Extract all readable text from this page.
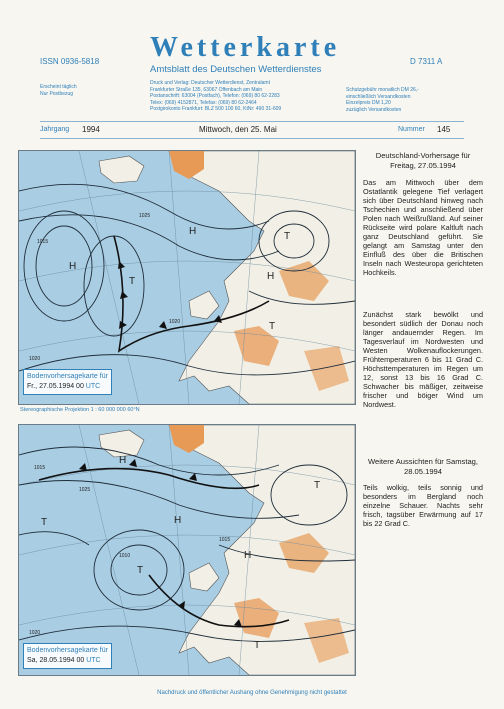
ISSN 0936-5818 Wetterkarte
Amtsblatt des Deutschen Wetterdienstes
D 7311 A
Erscheint täglich
Nur Postbezug
Druck und Verlag: Deutscher Wetterdienst, Zentralamt
Frankfurter Straße 135, 63067 Offenbach am Main
Postanschrift: 63004 (Postfach), Telefon: (069) 80 62-2283
Telex: (069) 4152871, Telefax: (069) 80 62-2464
Postgirokonto Frankfurt: BLZ 500 100 60, KtNr: 490 31-609
Schutzgebühr monatlich DM 26,-
einschließlich Versandkosten
Einzelpreis DM 1,20
zuzüglich Versandkosten
Jahrgang 1994	Mittwoch, den 25. Mai	Nummer 145
H
H
H
T
T
T
1015
1020
1025
1020
Bodenvorhersagekarte für
Fr., 27.05.1994 00 UTC
Stereographische Projektion 1 : 60 000 000 60°N
H
H
H
T
T
T
T
1015
1010
1025
1015
1020
Bodenvorhersagekarte für
Sa, 28.05.1994 00 UTC
Deutschland-Vorhersage für Freitag, 27.05.1994
Das am Mittwoch über dem Ostatlantik gelegene Tief verlagert sich über Deutschland hinweg nach Tschechien und anschließend über Polen nach Weißrußland. Auf seiner Rückseite wird polare Kaltluft nach ganz Deutschland geführt. Sie gelangt am Samstag unter den Einfluß des über die Britischen Inseln nach Westeuropa gerichteten Hochkeils.
Zunächst stark bewölkt und besondert südlich der Donau noch länger andauernder Regen. Im Tagesverlauf im Nordwesten und Westen Wolkenauflockerungen. Frühtemperaturen 6 bis 11 Grad C. Höchsttemperaturen im Regen um 12, sonst 13 bis 16 Grad C. Schwacher bis mäßiger, zeitweise frischer und böiger Wind um Nordwest.
Weitere Aussichten für Samstag, 28.05.1994
Teils wolkig, teils sonnig und besonders im Bergland noch einzelne Schauer. Nachts sehr frisch, tagsüber Erwärmung auf 17 bis 22 Grad C.
Nachdruck und öffentlicher Aushang ohne Genehmigung nicht gestattet
